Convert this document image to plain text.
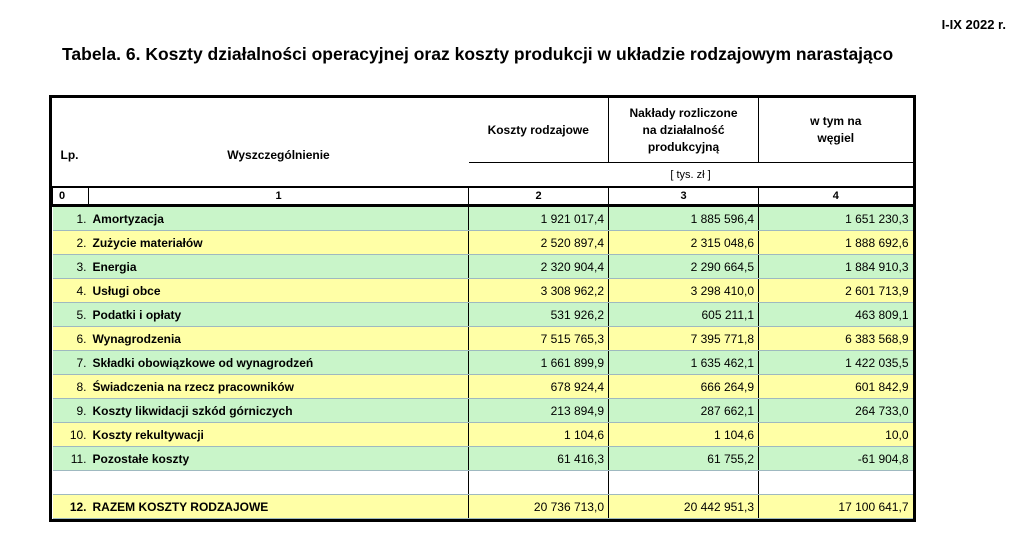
I-IX 2022 r.
Tabela. 6. Koszty działalności operacyjnej oraz koszty produkcji w układzie rodzajowym narastająco
Lp.	Wyszczególnienie	Koszty rodzajowe	Nakłady rozliczone na działalność produkcyjną	w tym na węgiel
		[ tys. zł ]		
0	1	2	3	4
1.	Amortyzacja	1 921 017,4	1 885 596,4	1 651 230,3
2.	Zużycie materiałów	2 520 897,4	2 315 048,6	1 888 692,6
3.	Energia	2 320 904,4	2 290 664,5	1 884 910,3
4.	Usługi obce	3 308 962,2	3 298 410,0	2 601 713,9
5.	Podatki i opłaty	531 926,2	605 211,1	463 809,1
6.	Wynagrodzenia	7 515 765,3	7 395 771,8	6 383 568,9
7.	Składki obowiązkowe od wynagrodzeń	1 661 899,9	1 635 462,1	1 422 035,5
8.	Świadczenia na rzecz pracowników	678 924,4	666 264,9	601 842,9
9.	Koszty likwidacji szkód górniczych	213 894,9	287 662,1	264 733,0
10.	Koszty rekultywacji	1 104,6	1 104,6	10,0
11.	Pozostałe koszty	61 416,3	61 755,2	-61 904,8

12.	RAZEM KOSZTY RODZAJOWE	20 736 713,0	20 442 951,3	17 100 641,7
